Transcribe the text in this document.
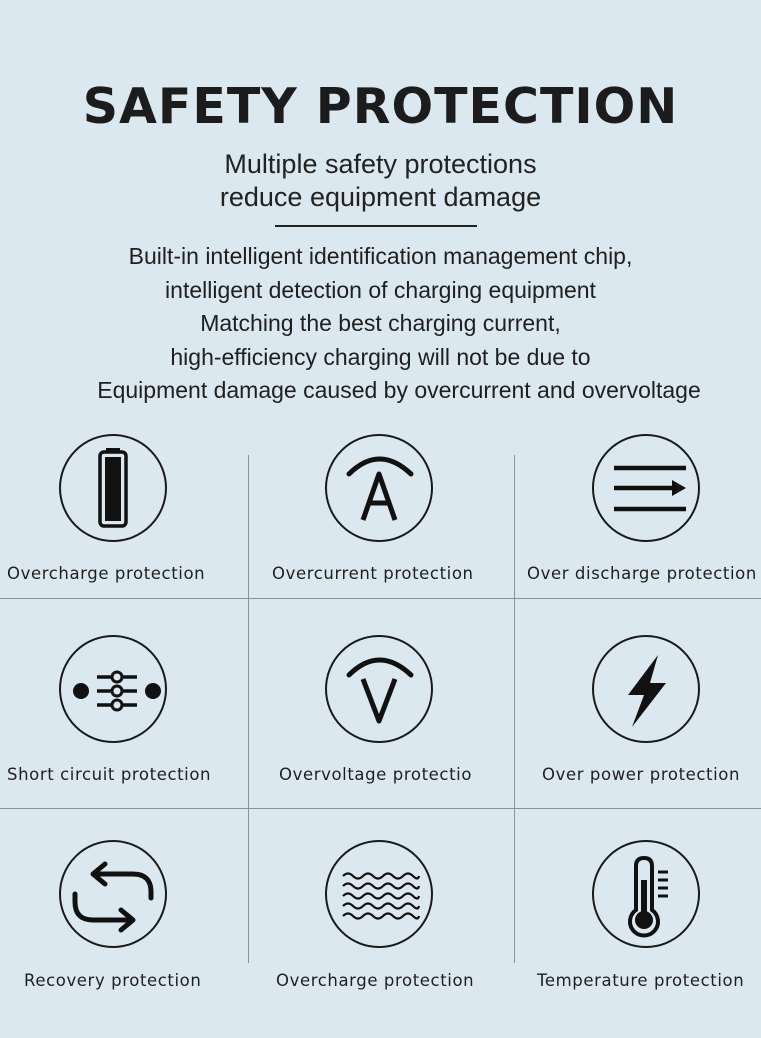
SAFETY PROTECTION
Multiple safety protections
reduce equipment damage
Built-in intelligent identification management chip,
intelligent detection of charging equipment
Matching the best charging current,
high-efficiency charging will not be due to
Equipment damage caused by overcurrent and overvoltage
Overcharge protection	Overcurrent protection	Over discharge protection
Short circuit protection	Overvoltage protectio	Over power protection
Recovery protection	Overcharge protection	Temperature protection
